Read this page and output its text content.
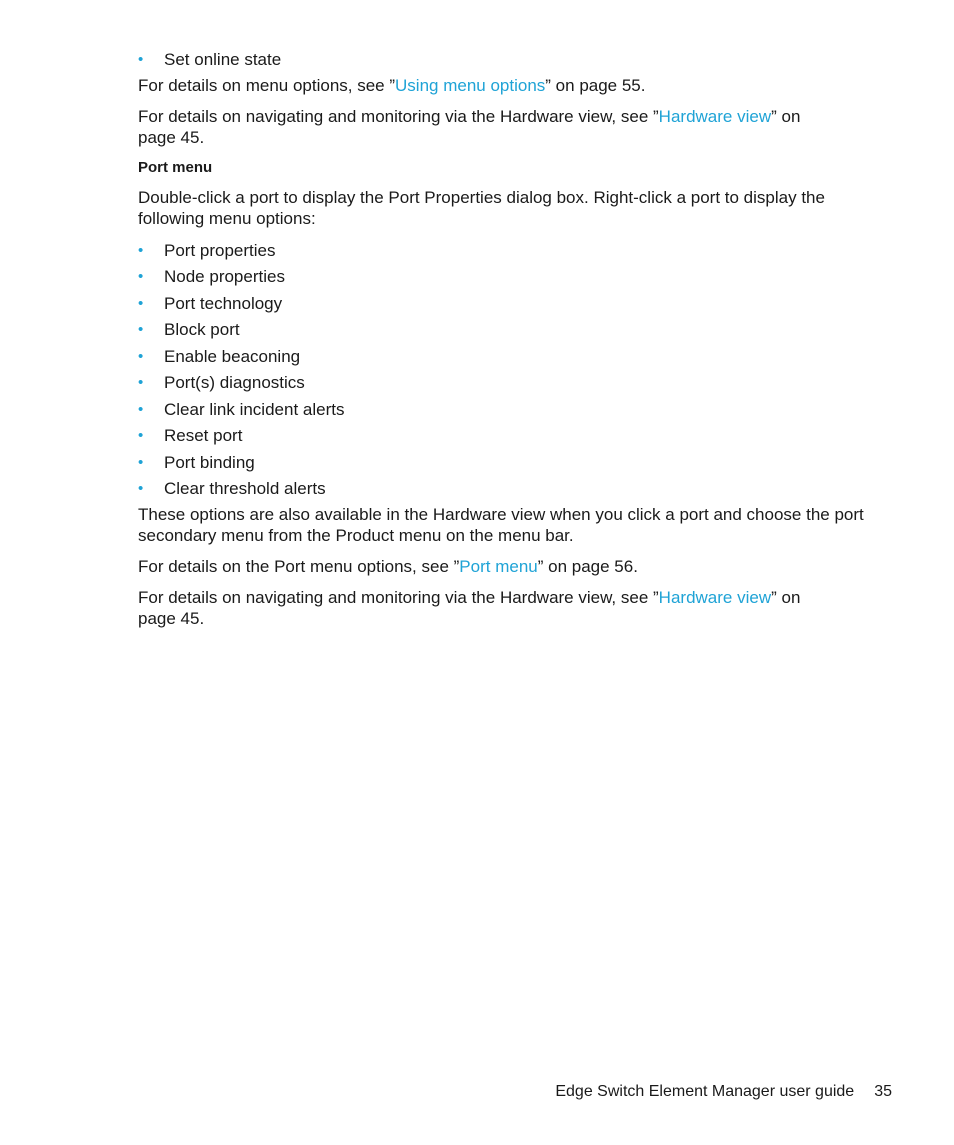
• Set online state

For details on menu options, see ”Using menu options” on page 55.

For details on navigating and monitoring via the Hardware view, see ”Hardware view” on
page 45.

Port menu

Double-click a port to display the Port Properties dialog box. Right-click a port to display the
following menu options:

• Port properties
• Node properties
• Port technology
• Block port
• Enable beaconing
• Port(s) diagnostics
• Clear link incident alerts
• Reset port
• Port binding
• Clear threshold alerts

These options are also available in the Hardware view when you click a port and choose the port
secondary menu from the Product menu on the menu bar.

For details on the Port menu options, see ”Port menu” on page 56.

For details on navigating and monitoring via the Hardware view, see ”Hardware view” on
page 45.

Edge Switch Element Manager user guide 35
